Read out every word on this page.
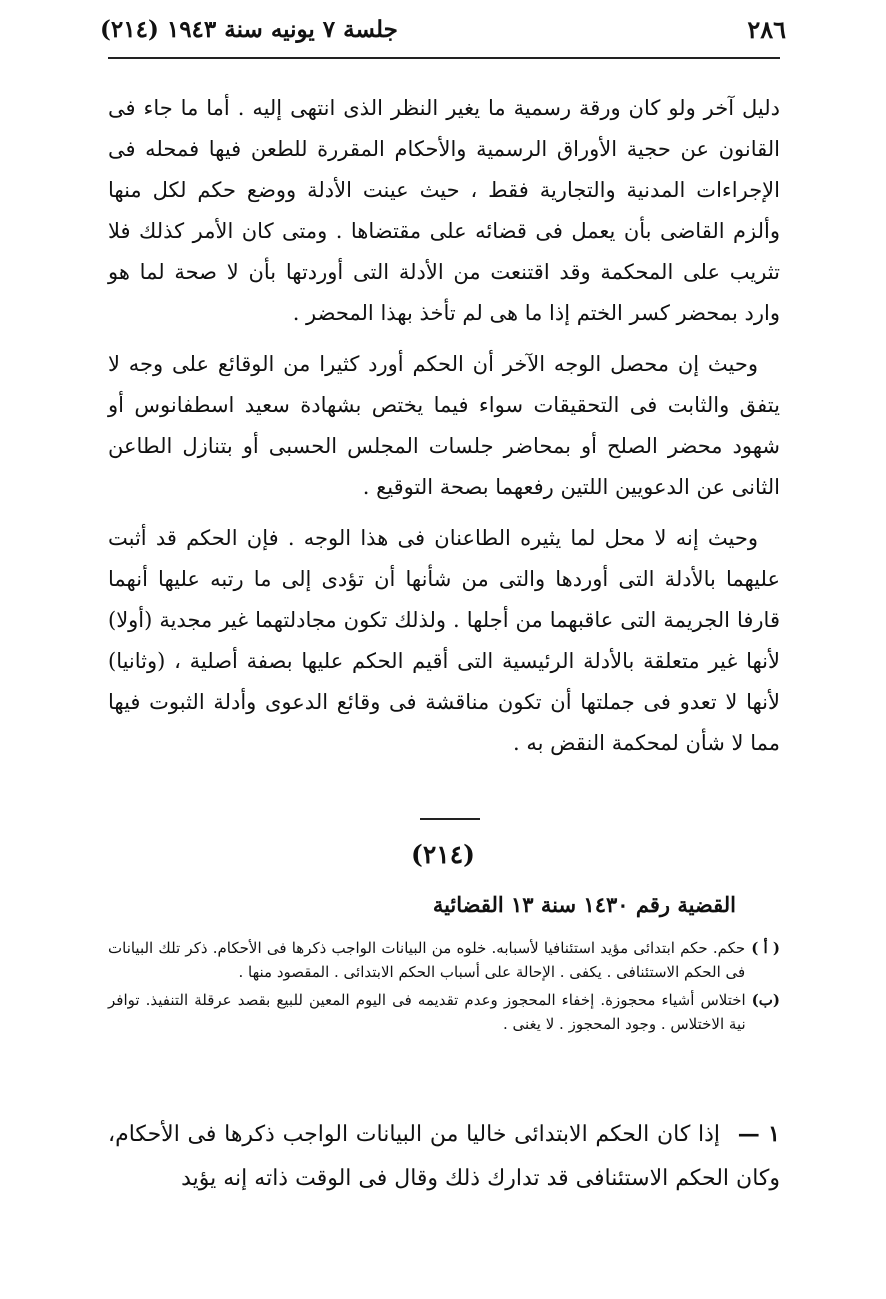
٢٨٦
جلسة ٧ يونيه سنة ١٩٤٣ (٢١٤)

دليل آخر ولو كان ورقة رسمية ما يغير النظر الذى انتهى إليه . أما ما جاء فى القانون عن حجية الأوراق الرسمية والأحكام المقررة للطعن فيها فمحله فى الإجراءات المدنية والتجارية فقط ، حيث عينت الأدلة ووضع حكم لكل منها وألزم القاضى بأن يعمل فى قضائه على مقتضاها . ومتى كان الأمر كذلك فلا تثريب على المحكمة وقد اقتنعت من الأدلة التى أوردتها بأن لا صحة لما هو وارد بمحضر كسر الختم إذا ما هى لم تأخذ بهذا المحضر .

وحيث إن محصل الوجه الآخر أن الحكم أورد كثيرا من الوقائع على وجه لا يتفق والثابت فى التحقيقات سواء فيما يختص بشهادة سعيد اسطفانوس أو شهود محضر الصلح أو بمحاضر جلسات المجلس الحسبى أو بتنازل الطاعن الثانى عن الدعويين اللتين رفعهما بصحة التوقيع .

وحيث إنه لا محل لما يثيره الطاعنان فى هذا الوجه . فإن الحكم قد أثبت عليهما بالأدلة التى أوردها والتى من شأنها أن تؤدى إلى ما رتبه عليها أنهما قارفا الجريمة التى عاقبهما من أجلها . ولذلك تكون مجادلتهما غير مجدية (أولا) لأنها غير متعلقة بالأدلة الرئيسية التى أقيم الحكم عليها بصفة أصلية ، (وثانيا) لأنها لا تعدو فى جملتها أن تكون مناقشة فى وقائع الدعوى وأدلة الثبوت فيها مما لا شأن لمحكمة النقض به .

(٢١٤)
القضية رقم ١٤٣٠ سنة ١٣ القضائية
( أ )
حكم. حكم ابتدائى مؤيد استئنافيا لأسبابه. خلوه من البيانات الواجب ذكرها فى الأحكام. ذكر تلك البيانات فى الحكم الاستئنافى . يكفى . الإحالة على أسباب الحكم الابتدائى . المقصود منها .
(ب)
اختلاس أشياء محجوزة. إخفاء المحجوز وعدم تقديمه فى اليوم المعين للبيع بقصد عرقلة التنفيذ. توافر نية الاختلاس . وجود المحجوز . لا يغنى .
١ — إذا كان الحكم الابتدائى خاليا من البيانات الواجب ذكرها فى الأحكام، وكان الحكم الاستئنافى قد تدارك ذلك وقال فى الوقت ذاته إنه يؤيد
